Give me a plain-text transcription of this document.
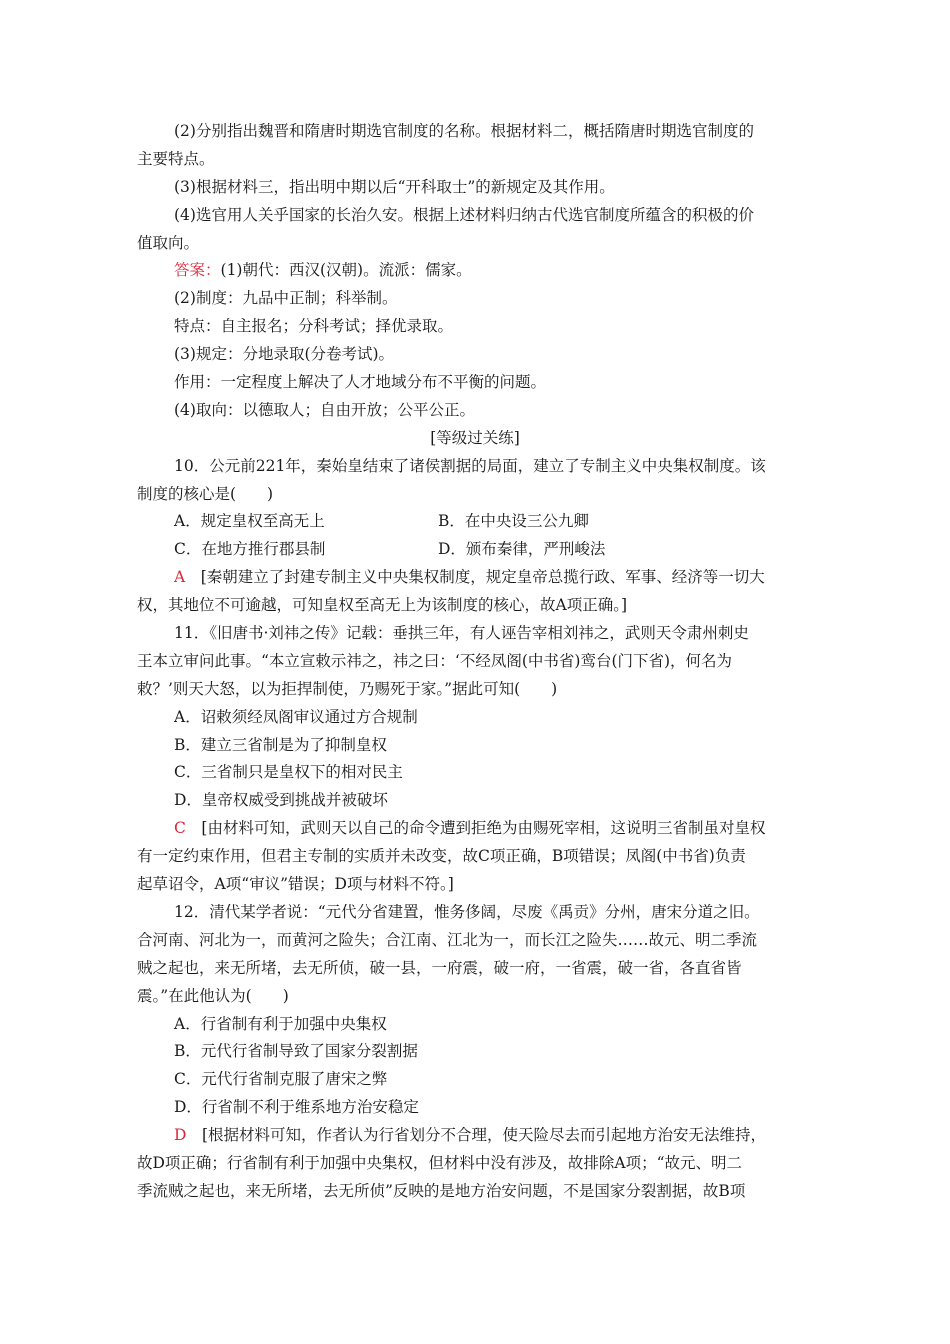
(2)分别指出魏晋和隋唐时期选官制度的名称。根据材料二，概括隋唐时期选官制度的
主要特点。
(3)根据材料三，指出明中期以后“开科取士”的新规定及其作用。
(4)选官用人关乎国家的长治久安。根据上述材料归纳古代选官制度所蕴含的积极的价
值取向。
答案：(1)朝代：西汉(汉朝)。流派：儒家。
(2)制度：九品中正制；科举制。
特点：自主报名；分科考试；择优录取。
(3)规定：分地录取(分卷考试)。
作用：一定程度上解决了人才地域分布不平衡的问题。
(4)取向：以德取人；自由开放；公平公正。
[等级过关练]
10．公元前221年，秦始皇结束了诸侯割据的局面，建立了专制主义中央集权制度。该
制度的核心是(　　)
A．规定皇权至高无上	B．在中央设三公九卿
C．在地方推行郡县制	D．颁布秦律，严刑峻法
A　 [秦朝建立了封建专制主义中央集权制度，规定皇帝总揽行政、军事、经济等一切大
权，其地位不可逾越，可知皇权至高无上为该制度的核心，故A项正确。]
11．《旧唐书·刘祎之传》记载：垂拱三年，有人诬告宰相刘祎之，武则天令肃州刺史
王本立审问此事。“本立宣敕示祎之，祎之曰：‘不经凤阁(中书省)鸾台(门下省)，何名为
敕？’则天大怒，以为拒捍制使，乃赐死于家。”据此可知(　　)
A．诏敕须经凤阁审议通过方合规制
B．建立三省制是为了抑制皇权
C．三省制只是皇权下的相对民主
D．皇帝权威受到挑战并被破坏
C　 [由材料可知，武则天以自己的命令遭到拒绝为由赐死宰相，这说明三省制虽对皇权
有一定约束作用，但君主专制的实质并未改变，故C项正确，B项错误；凤阁(中书省)负责
起草诏令，A项“审议”错误；D项与材料不符。]
12．清代某学者说：“元代分省建置，惟务侈阔，尽废《禹贡》分州，唐宋分道之旧。
合河南、河北为一，而黄河之险失；合江南、江北为一，而长江之险失……故元、明二季流
贼之起也，来无所堵，去无所侦，破一县，一府震，破一府，一省震，破一省，各直省皆
震。”在此他认为(　　)
A．行省制有利于加强中央集权
B．元代行省制导致了国家分裂割据
C．元代行省制克服了唐宋之弊
D．行省制不利于维系地方治安稳定
D　 [根据材料可知，作者认为行省划分不合理，使天险尽去而引起地方治安无法维持，
故D项正确；行省制有利于加强中央集权，但材料中没有涉及，故排除A项；“故元、明二
季流贼之起也，来无所堵，去无所侦”反映的是地方治安问题，不是国家分裂割据，故B项
